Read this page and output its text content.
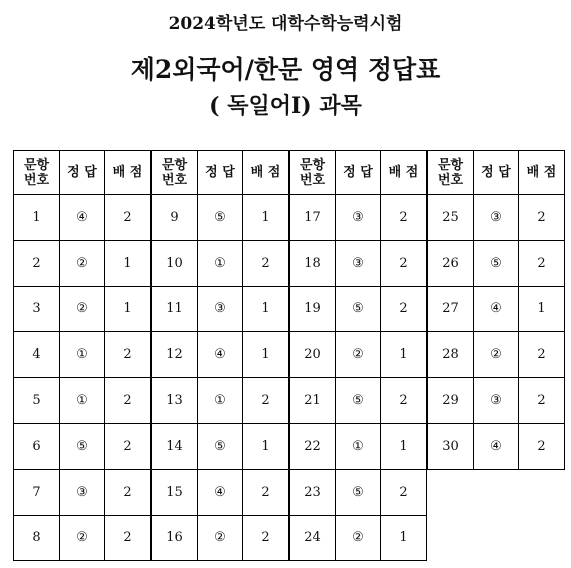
2024학년도 대학수학능력시험
제2외국어/한문 영역 정답표
( 독일어Ⅰ) 과목
문항
번호	정 답	배 점
1	④	2
2	②	1
3	②	1
4	①	2
5	①	2
6	⑤	2
7	③	2
8	②	2
문항
번호	정 답	배 점
9	⑤	1
10	①	2
11	③	1
12	④	1
13	①	2
14	⑤	1
15	④	2
16	②	2
문항
번호	정 답	배 점
17	③	2
18	③	2
19	⑤	2
20	②	1
21	⑤	2
22	①	1
23	⑤	2
24	②	1
문항
번호	정 답	배 점
25	③	2
26	⑤	2
27	④	1
28	②	2
29	③	2
30	④	2
